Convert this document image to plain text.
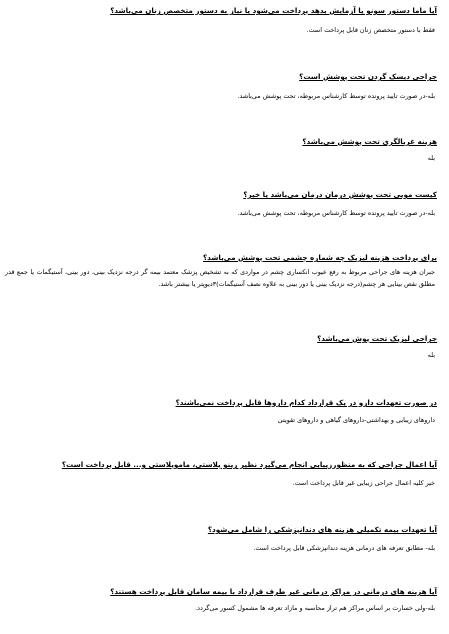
آیا ماما دستور سونو یا آزمایش بدهد پرداخت می‌شود یا نیاز به دستور متخصص زنان می‌باشد؟
فقط با دستور متخصص زنان قابل پرداخت است.
جراحی دیسک گردن تحت پوشش است؟
بله-در صورت تایید پرونده توسط کارشناس مربوطه، تحت پوشش می‌باشد.
هزینه غربالگری تحت پوشش می‌باشد؟
بله
کیست مویی تحت پوشش درمان درمان می‌باشد یا خیر؟
بله-در صورت تایید پرونده توسط کارشناس مربوطه، تحت پوشش می‌باشد.
برای پرداخت هزینه لیزیک چه شماره چشمی تحت پوشش می‌باشد؟
جبران هزینه های جراحی مربوط به رفع عیوب انکساری چشم در مواردی که به تشخیص پزشک معتمد بیمه گر درجه نزدیک بینی، دور بینی، آستیگمات یا جمع قدر مطلق نقص بینایی هر چشم(درجه نزدیک بینی یا دور بینی به علاوه نصف آستیگمات)۳دیوپتر یا بیشتر باشد.
جراحی لیزیک تحت پوش می‌باشد؟
بله
در صورت تعهدات دارو در یک قرارداد کدام داروها قابل پرداخت نمی‌باشند؟
داروهای زیبایی و بهداشتی-داروهای گیاهی و داروهای تقویتی
آیا اعمال جراحی که به منظورزیبایی انجام می‌گیرد نظیر رینو پلاستی، ماموپلاستی و... قابل پرداخت است؟
خیر کلیه اعمال جراحی زیبایی غیر قابل پرداخت است.
آیا تعهدات بیمه تکمیلی هزینه های دندانپزشکی را شامل می‌شود؟
بله- مطابق تعرفه های درمانی هزینه دندانپزشکی قابل پرداخت است.
آیا هزینه های درمانی در مراکز درمانی غیر طرف قرارداد با بیمه سامان قابل پرداخت هستند؟
بله-ولی خسارت بر اساس مراکز هم تراز محاسبه و مازاد تعرفه ها مشمول کسور می‌گردد.
